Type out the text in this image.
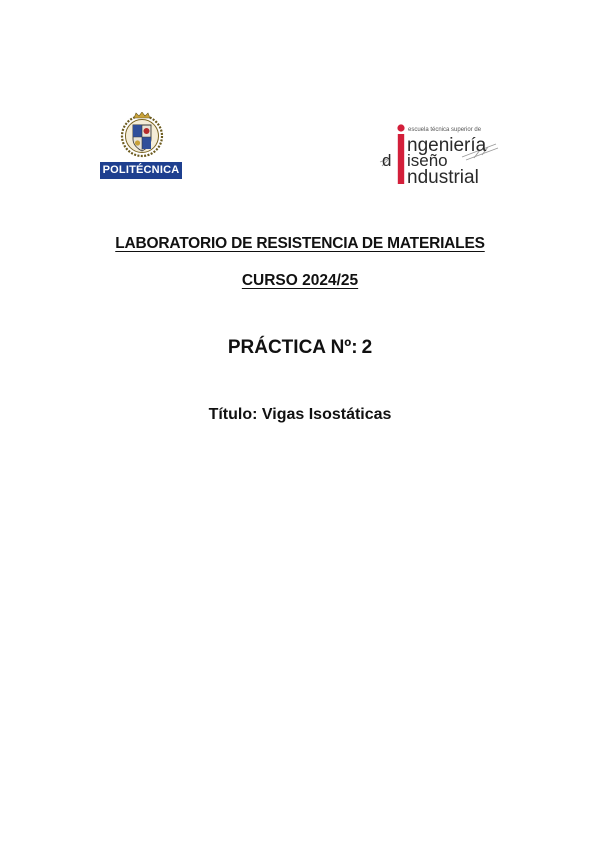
POLITÉCNICA
escuela técnica superior de
ngeniería
d iseño
ndustrial
LABORATORIO DE RESISTENCIA DE MATERIALES
CURSO 2024/25
PRÁCTICA Nº: 2
Título: Vigas Isostáticas
